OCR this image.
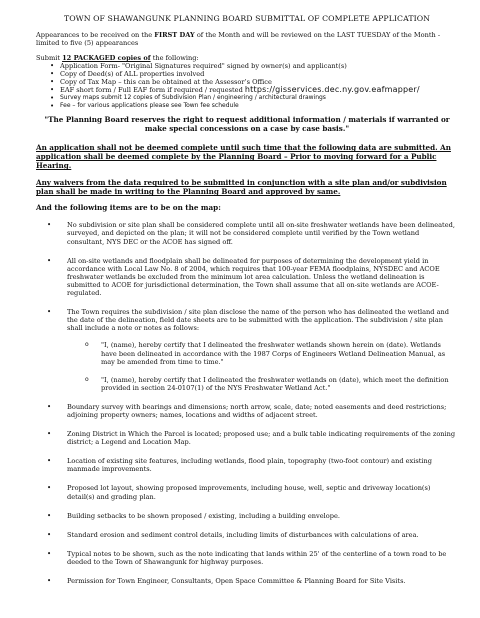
TOWN OF SHAWANGUNK PLANNING BOARD SUBMITTAL OF COMPLETE APPLICATION

Appearances to be received on the FIRST DAY of the Month and will be reviewed on the LAST TUESDAY of the Month - limited to five (5) appearances

Submit 12 PACKAGED copies of the following:

• Application Form- "Original Signatures required" signed by owner(s) and applicant(s)
• Copy of Deed(s) of ALL properties involved
• Copy of Tax Map – this can be obtained at the Assessor’s Office
• EAF short form / Full EAF form if required / requested https://gisservices.dec.ny.gov.eafmapper/
• Survey maps submit 12 copies of Subdivision Plan / engineering / architectural drawings
• Fee – for various applications please see Town fee schedule

"The Planning Board reserves the right to request additional information / materials if warranted or make special concessions on a case by case basis."

An application shall not be deemed complete until such time that the following data are submitted. An application shall be deemed complete by the Planning Board – Prior to moving forward for a Public Hearing.

Any waivers from the data required to be submitted in conjunction with a site plan and/or subdivision plan shall be made in writing to the Planning Board and approved by same.

And the following items are to be on the map:

• No subdivision or site plan shall be considered complete until all on-site freshwater wetlands have been delineated, surveyed, and depicted on the plan; it will not be considered complete until verified by the Town wetland consultant, NYS DEC or the ACOE has signed off.
• All on-site wetlands and floodplain shall be delineated for purposes of determining the development yield in accordance with Local Law No. 8 of 2004, which requires that 100-year FEMA floodplains, NYSDEC and ACOE freshwater wetlands be excluded from the minimum lot area calculation. Unless the wetland delineation is submitted to ACOE for jurisdictional determination, the Town shall assume that all on-site wetlands are ACOE-regulated.
• The Town requires the subdivision / site plan disclose the name of the person who has delineated the wetland and the date of the delineation, field date sheets are to be submitted with the application. The subdivision / site plan shall include a note or notes as follows:
o "I, (name), hereby certify that I delineated the freshwater wetlands shown herein on (date). Wetlands have been delineated in accordance with the 1987 Corps of Engineers Wetland Delineation Manual, as may be amended from time to time."
o "I, (name), hereby certify that I delineated the freshwater wetlands on (date), which meet the definition provided in section 24-0107(1) of the NYS Freshwater Wetland Act."
• Boundary survey with bearings and dimensions; north arrow, scale, date; noted easements and deed restrictions; adjoining property owners; names, locations and widths of adjacent street.
• Zoning District in Which the Parcel is located; proposed use; and a bulk table indicating requirements of the zoning district; a Legend and Location Map.
• Location of existing site features, including wetlands, flood plain, topography (two-foot contour) and existing manmade improvements.
• Proposed lot layout, showing proposed improvements, including house, well, septic and driveway location(s) detail(s) and grading plan.
• Building setbacks to be shown proposed / existing, including a building envelope.
• Standard erosion and sediment control details, including limits of disturbances with calculations of area.
• Typical notes to be shown, such as the note indicating that lands within 25' of the centerline of a town road to be deeded to the Town of Shawangunk for highway purposes.
• Permission for Town Engineer, Consultants, Open Space Committee & Planning Board for Site Visits.
